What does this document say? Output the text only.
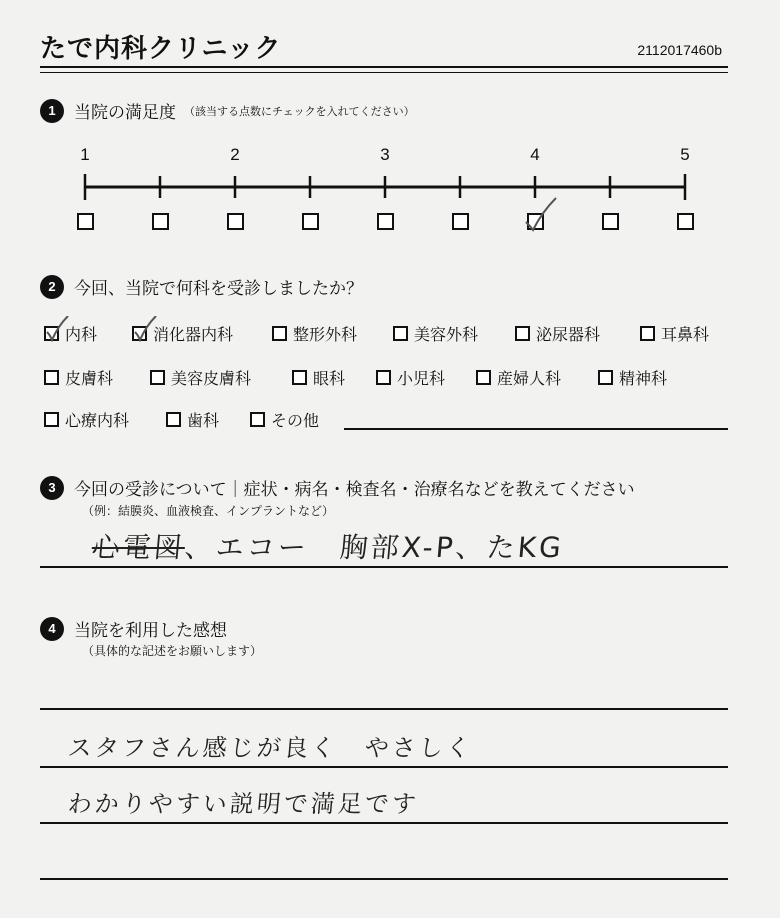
たで内科クリニック	2112017460b
1	当院の満足度 （該当する点数にチェックを入れてください）
1	2	3	4	5
2	今回、当院で何科を受診しましたか？
内科	消化器内科	整形外科	美容外科	泌尿器科	耳鼻科
皮膚科	美容皮膚科	眼科	小児科	産婦人科	精神科
心療内科	歯科	その他
3	今回の受診について｜症状・病名・検査名・治療名などを教えてください
（例：結膜炎、血液検査、インプラントなど）
心電図、エコー　胸部X-P、たKG
4	当院を利用した感想
（具体的な記述をお願いします）
スタフさん感じが良く　やさしく
わかりやすい説明で満足です
